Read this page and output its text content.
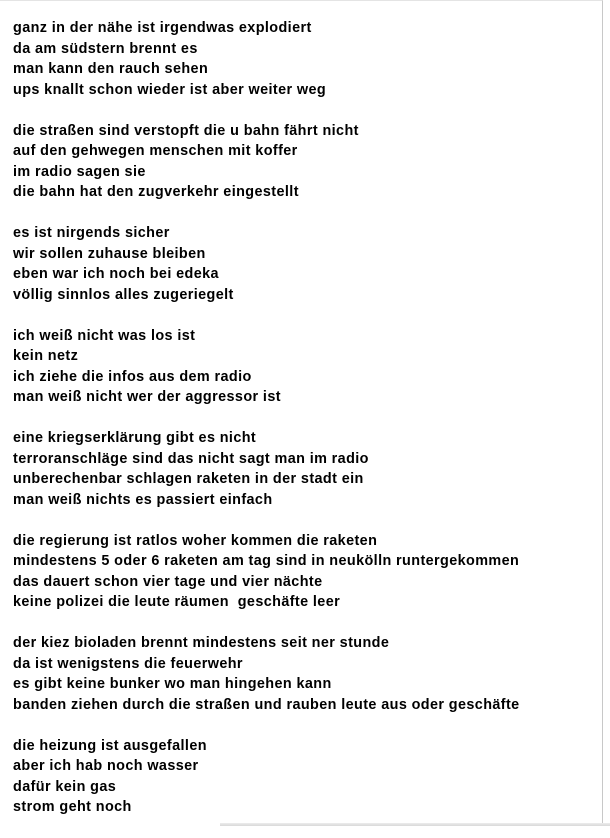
ganz in der nähe ist irgendwas explodiert
da am südstern brennt es
man kann den rauch sehen
ups knallt schon wieder ist aber weiter weg
die straßen sind verstopft die u bahn fährt nicht
auf den gehwegen menschen mit koffer
im radio sagen sie
die bahn hat den zugverkehr eingestellt
es ist nirgends sicher
wir sollen zuhause bleiben
eben war ich noch bei edeka
völlig sinnlos alles zugeriegelt
ich weiß nicht was los ist
kein netz
ich ziehe die infos aus dem radio
man weiß nicht wer der aggressor ist
eine kriegserklärung gibt es nicht
terroranschläge sind das nicht sagt man im radio
unberechenbar schlagen raketen in der stadt ein
man weiß nichts es passiert einfach
die regierung ist ratlos woher kommen die raketen
mindestens 5 oder 6 raketen am tag sind in neukölln runtergekommen
das dauert schon vier tage und vier nächte
keine polizei die leute räumen  geschäfte leer
der kiez bioladen brennt mindestens seit ner stunde
da ist wenigstens die feuerwehr
es gibt keine bunker wo man hingehen kann
banden ziehen durch die straßen und rauben leute aus oder geschäfte
die heizung ist ausgefallen
aber ich hab noch wasser
dafür kein gas
strom geht noch
